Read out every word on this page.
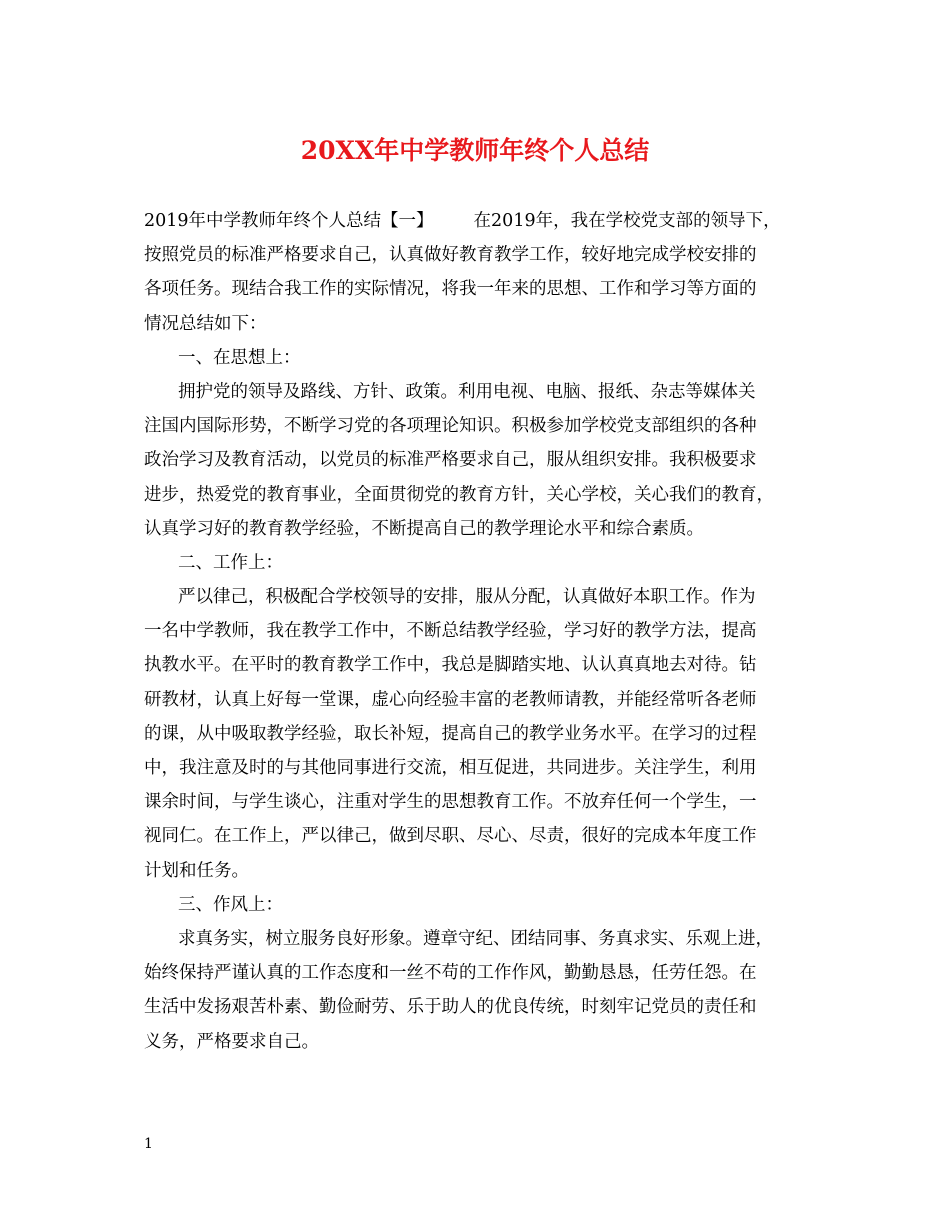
20XX年中学教师年终个人总结
2019年中学教师年终个人总结【一】 在2019年，我在学校党支部的领导下，
按照党员的标准严格要求自己，认真做好教育教学工作，较好地完成学校安排的
各项任务。现结合我工作的实际情况，将我一年来的思想、工作和学习等方面的
情况总结如下：
一、在思想上：
拥护党的领导及路线、方针、政策。利用电视、电脑、报纸、杂志等媒体关
注国内国际形势，不断学习党的各项理论知识。积极参加学校党支部组织的各种
政治学习及教育活动，以党员的标准严格要求自己，服从组织安排。我积极要求
进步，热爱党的教育事业，全面贯彻党的教育方针，关心学校，关心我们的教育，
认真学习好的教育教学经验，不断提高自己的教学理论水平和综合素质。
二、工作上：
严以律己，积极配合学校领导的安排，服从分配，认真做好本职工作。作为
一名中学教师，我在教学工作中，不断总结教学经验，学习好的教学方法，提高
执教水平。在平时的教育教学工作中，我总是脚踏实地、认认真真地去对待。钻
研教材，认真上好每一堂课，虚心向经验丰富的老教师请教，并能经常听各老师
的课，从中吸取教学经验，取长补短，提高自己的教学业务水平。在学习的过程
中，我注意及时的与其他同事进行交流，相互促进，共同进步。关注学生，利用
课余时间，与学生谈心，注重对学生的思想教育工作。不放弃任何一个学生，一
视同仁。在工作上，严以律己，做到尽职、尽心、尽责，很好的完成本年度工作
计划和任务。
三、作风上：
求真务实，树立服务良好形象。遵章守纪、团结同事、务真求实、乐观上进，
始终保持严谨认真的工作态度和一丝不苟的工作作风，勤勤恳恳，任劳任怨。在
生活中发扬艰苦朴素、勤俭耐劳、乐于助人的优良传统，时刻牢记党员的责任和
义务，严格要求自己。
1
